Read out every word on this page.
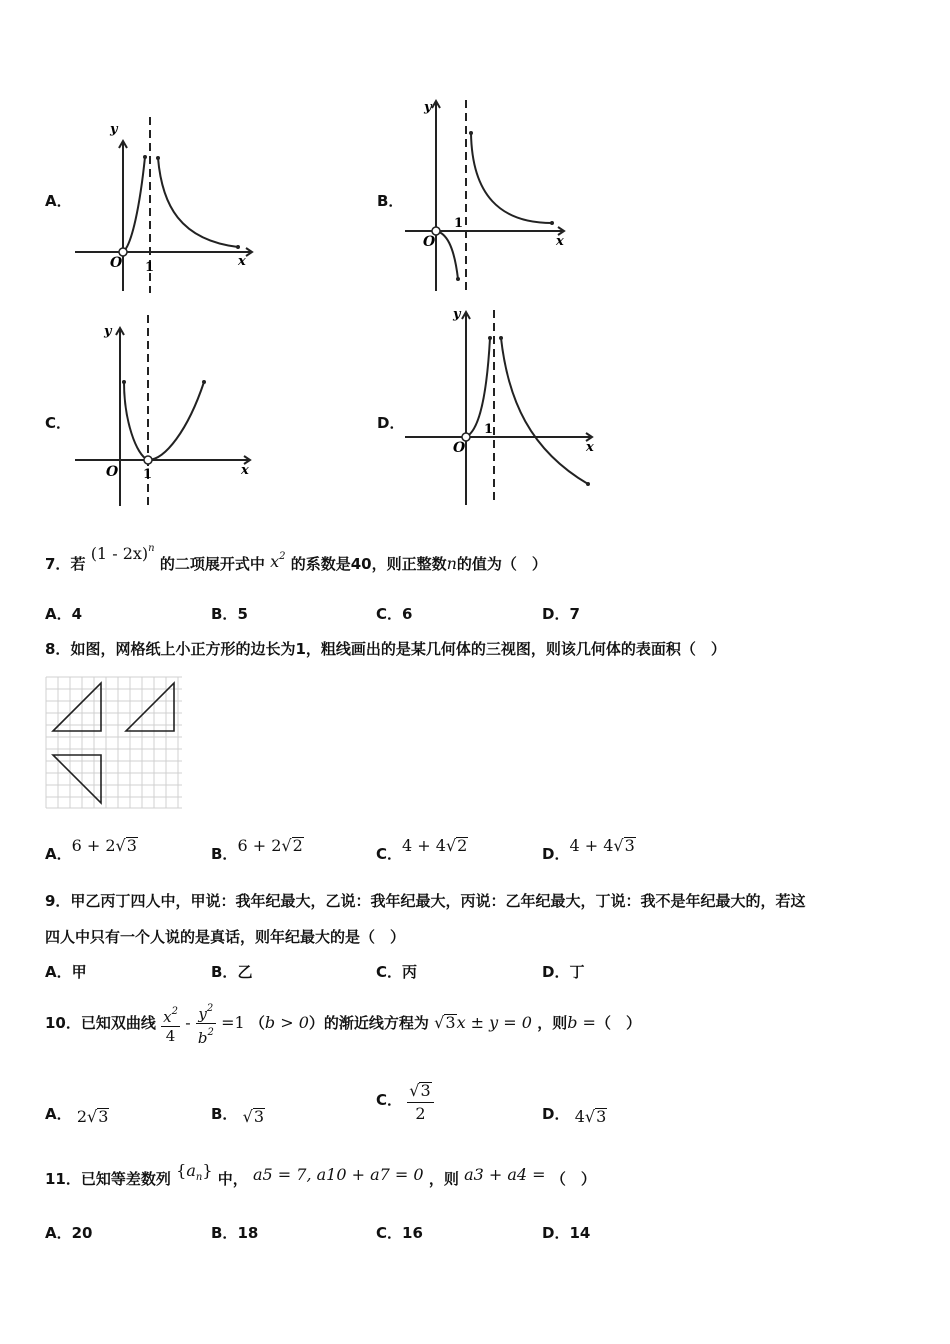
A．
y
x
O 1
B．
y
x
O
1
C．
y
x
O 1
D．
y
x
O
1
7．若 (1 - 2x)$^n$ 的二项展开式中 $x^2$ 的系数是40，则正整数n的值为（　）
A．4	B．5	C．6	D．7
8．如图，网格纸上小正方形的边长为1，粗线画出的是某几何体的三视图，则该几何体的表面积（　）
A．6 + 2√3	B．6 + 2√2	C．4 + 4√2	D．4 + 4√3
9．甲乙丙丁四人中，甲说：我年纪最大，乙说：我年纪最大，丙说：乙年纪最大，丁说：我不是年纪最大的，若这
四人中只有一个人说的是真话，则年纪最大的是（　）
A．甲	B．乙	C．丙	D．丁
10．已知双曲线 $\frac{x^2}{4} - \frac{y^2}{b^2} =1$ （b > 0）的渐近线方程为 √3x ± y = 0 ，则b =（　）
A． 2√3	B． √3
C． $\frac{√3}{2}$	D． 4√3
11．已知等差数列 $\{a_n\}$ 中， a5 = 7, a10 + a7 = 0 ，则 a3 + a4 = （　）
A．20	B．18	C．16	D．14
